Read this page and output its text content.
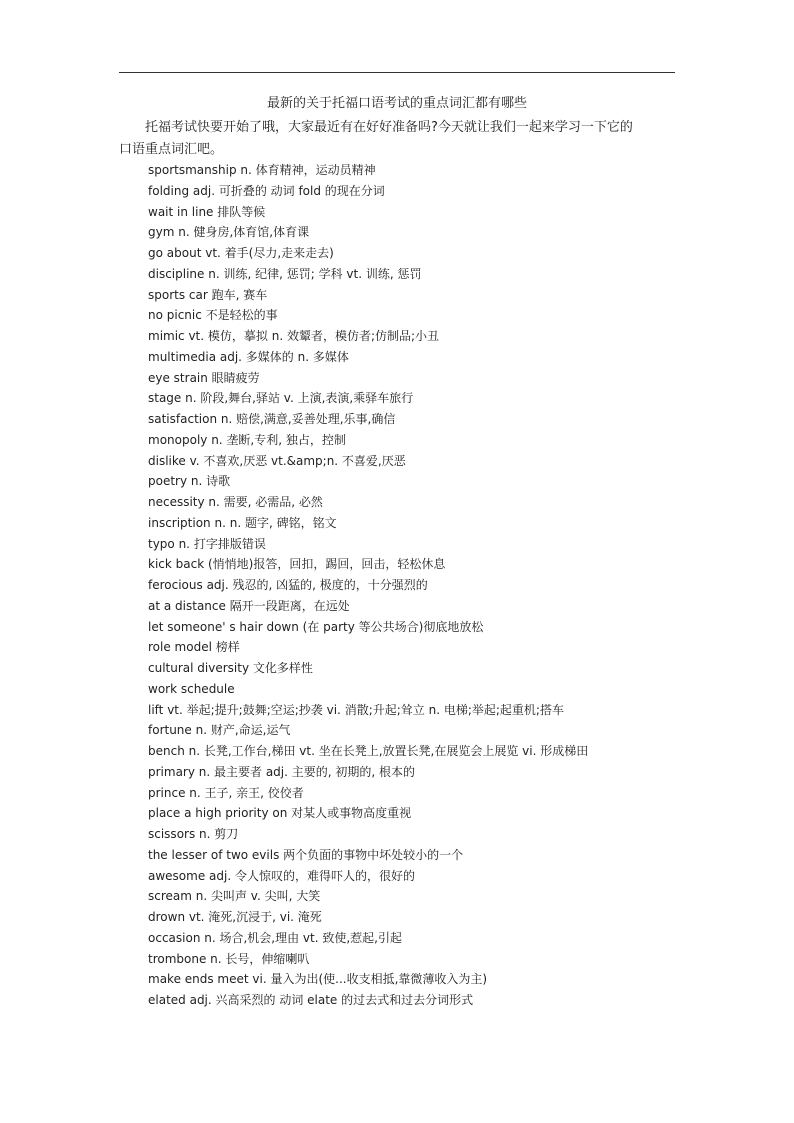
最新的关于托福口语考试的重点词汇都有哪些
托福考试快要开始了哦，大家最近有在好好准备吗?今天就让我们一起来学习一下它的
口语重点词汇吧。
sportsmanship n. 体育精神，运动员精神
folding adj. 可折叠的 动词 fold 的现在分词
wait in line 排队等候
gym n. 健身房,体育馆,体育课
go about vt. 着手(尽力,走来走去)
discipline n. 训练, 纪律, 惩罚; 学科 vt. 训练, 惩罚
sports car 跑车, 赛车
no picnic 不是轻松的事
mimic vt. 模仿，摹拟 n. 效颦者，模仿者;仿制品;小丑
multimedia adj. 多媒体的 n. 多媒体
eye strain 眼睛疲劳
stage n. 阶段,舞台,驿站 v. 上演,表演,乘驿车旅行
satisfaction n. 赔偿,满意,妥善处理,乐事,确信
monopoly n. 垄断,专利, 独占，控制
dislike v. 不喜欢,厌恶 vt.&amp;n. 不喜爱,厌恶
poetry n. 诗歌
necessity n. 需要, 必需品, 必然
inscription n. n. 题字, 碑铭，铭文
typo n. 打字排版错误
kick back (悄悄地)报答，回扣，踢回，回击，轻松休息
ferocious adj. 残忍的, 凶猛的, 极度的，十分强烈的
at a distance 隔开一段距离，在远处
let someone' s hair down (在 party 等公共场合)彻底地放松
role model 榜样
cultural diversity 文化多样性
work schedule
lift vt. 举起;提升;鼓舞;空运;抄袭 vi. 消散;升起;耸立 n. 电梯;举起;起重机;搭车
fortune n. 财产,命运,运气
bench n. 长凳,工作台,梯田 vt. 坐在长凳上,放置长凳,在展览会上展览 vi. 形成梯田
primary n. 最主要者 adj. 主要的, 初期的, 根本的
prince n. 王子, 亲王, 佼佼者
place a high priority on 对某人或事物高度重视
scissors n. 剪刀
the lesser of two evils 两个负面的事物中坏处较小的一个
awesome adj. 令人惊叹的，难得吓人的，很好的
scream n. 尖叫声 v. 尖叫, 大笑
drown vt. 淹死,沉浸于, vi. 淹死
occasion n. 场合,机会,理由 vt. 致使,惹起,引起
trombone n. 长号，伸缩喇叭
make ends meet vi. 量入为出(使...收支相抵,靠微薄收入为主)
elated adj. 兴高采烈的 动词 elate 的过去式和过去分词形式
